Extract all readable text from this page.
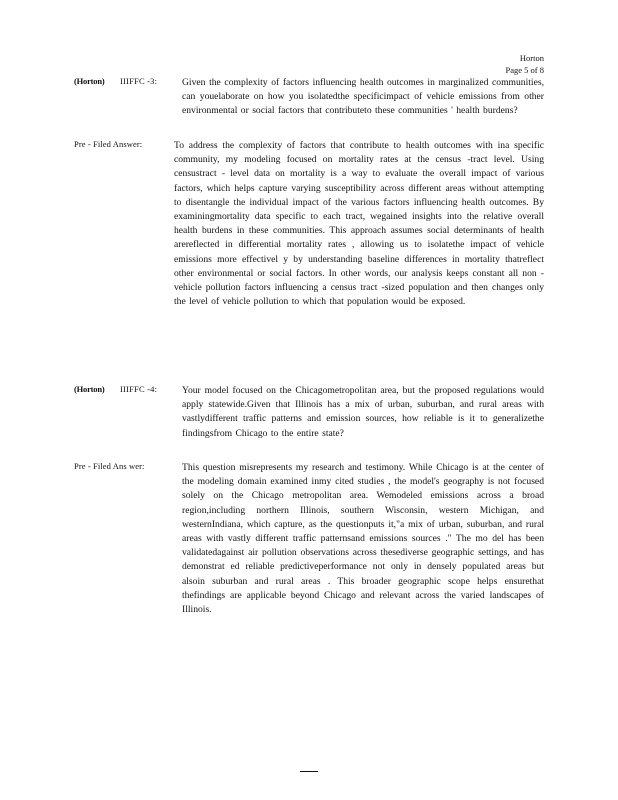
Horton
Page 5 of 8
(Horton) IIIFFC -3:	Given the complexity of factors influencing health outcomes in marginalized communities, can youelaborate on how you isolatedthe specificimpact of vehicle emissions from other environmental or social factors that contributeto these communities ' health burdens?
Pre - Filed Answer:	To address the complexity of factors that contribute to health outcomes with ina specific community, my modeling focused on mortality rates at the census -tract level. Using censustract - level data on mortality is a way to evaluate the overall impact of various factors, which helps capture varying susceptibility across different areas without attempting to disentangle the individual impact of the various factors influencing health outcomes. By examiningmortality data specific to each tract, wegained insights into the relative overall health burdens in these communities. This approach assumes social determinants of health arereflected in differential mortality rates , allowing us to isolatethe impact of vehicle emissions more effectivel y by understanding baseline differences in mortality thatreflect other environmental or social factors. In other words, our analysis keeps constant all non -vehicle pollution factors influencing a census tract -sized population and then changes only the level of vehicle pollution to which that population would be exposed.
(Horton) IIIFFC -4:	Your model focused on the Chicagometropolitan area, but the proposed regulations would apply statewide.Given that Illinois has a mix of urban, suburban, and rural areas with vastlydifferent traffic patterns and emission sources, how reliable is it to generalizethe findingsfrom Chicago to the entire state?
Pre - Filed Ans wer:	This question misrepresents my research and testimony. While Chicago is at the center of the modeling domain examined inmy cited studies , the model's geography is not focused solely on the Chicago metropolitan area. Wemodeled emissions across a broad region,including northern Illinois, southern Wisconsin, western Michigan, and westernIndiana, which capture, as the questionputs it,"a mix of urban, suburban, and rural areas with vastly different traffic patternsand emissions sources ." The mo del has been validatedagainst air pollution observations across thesediverse geographic settings, and has demonstrat ed reliable predictiveperformance not only in densely populated areas but alsoin suburban and rural areas . This broader geographic scope helps ensurethat thefindings are applicable beyond Chicago and relevant across the varied landscapes of Illinois.
